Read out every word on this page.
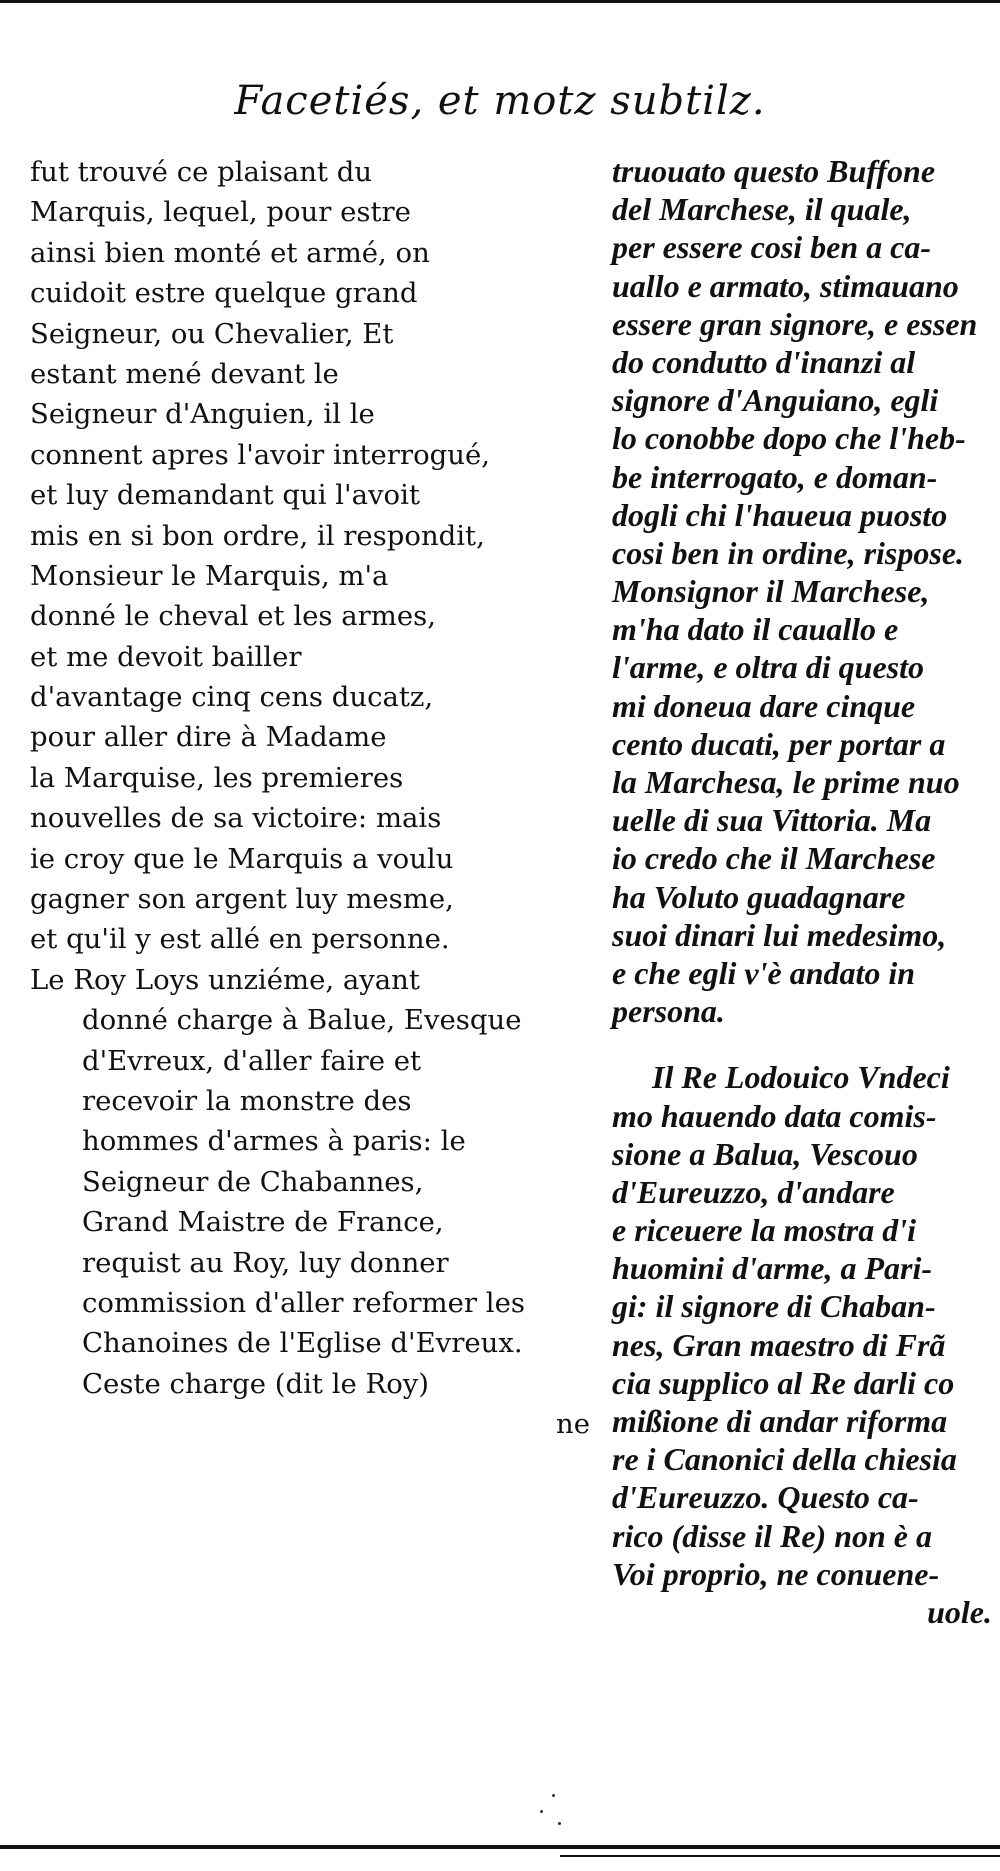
Facetiés, et motz subtilz.
fut trouvé ce plaisant du
Marquis, lequel, pour estre
ainsi bien monté et armé, on
cuidoit estre quelque grand
Seigneur, ou Chevalier, Et
estant mené devant le
Seigneur d'Anguien, il le
connent apres l'avoir interrogué,
et luy demandant qui l'avoit
mis en si bon ordre, il respondit,
Monsieur le Marquis, m'a
donné le cheval et les armes,
et me devoit bailler
d'avantage cinq cens ducatz,
pour aller dire à Madame
la Marquise, les premieres
nouvelles de sa victoire: mais
ie croy que le Marquis a voulu
gagner son argent luy mesme,
et qu'il y est allé en personne.
Le Roy Loys unziéme, ayant
donné charge à Balue, Evesque
d'Evreux, d'aller faire et
recevoir la monstre des
hommes d'armes à paris: le
Seigneur de Chabannes,
Grand Maistre de France,
requist au Roy, luy donner
commission d'aller reformer les
Chanoines de l'Eglise d'Evreux.
Ceste charge (dit le Roy)
ne
truouato questo Buffone
del Marchese, il quale,
per essere cosi ben a ca-
uallo e armato, stimauano
essere gran signore, e essen
do condutto d'inanzi al
signore d'Anguiano, egli
lo conobbe dopo che l'heb-
be interrogato, e doman-
dogli chi l'haueua puosto
cosi ben in ordine, rispose.
Monsignor il Marchese,
m'ha dato il cauallo e
l'arme, e oltra di questo
mi doneua dare cinque
cento ducati, per portar a
la Marchesa, le prime nuo
uelle di sua Vittoria. Ma
io credo che il Marchese
ha Voluto guadagnare
suoi dinari lui medesimo,
e che egli v'è andato in
persona.
Il Re Lodouico Vndeci
mo hauendo data comis-
sione a Balua, Vescouo
d'Eureuzzo, d'andare
e riceuere la mostra d'i
huomini d'arme, a Pari-
gi: il signore di Chaban-
nes, Gran maestro di Frã
cia supplico al Re darli co
mißione di andar riforma
re i Canonici della chiesia
d'Eureuzzo. Questo ca-
rico (disse il Re) non è a
Voi proprio, ne conuene-
uole.
